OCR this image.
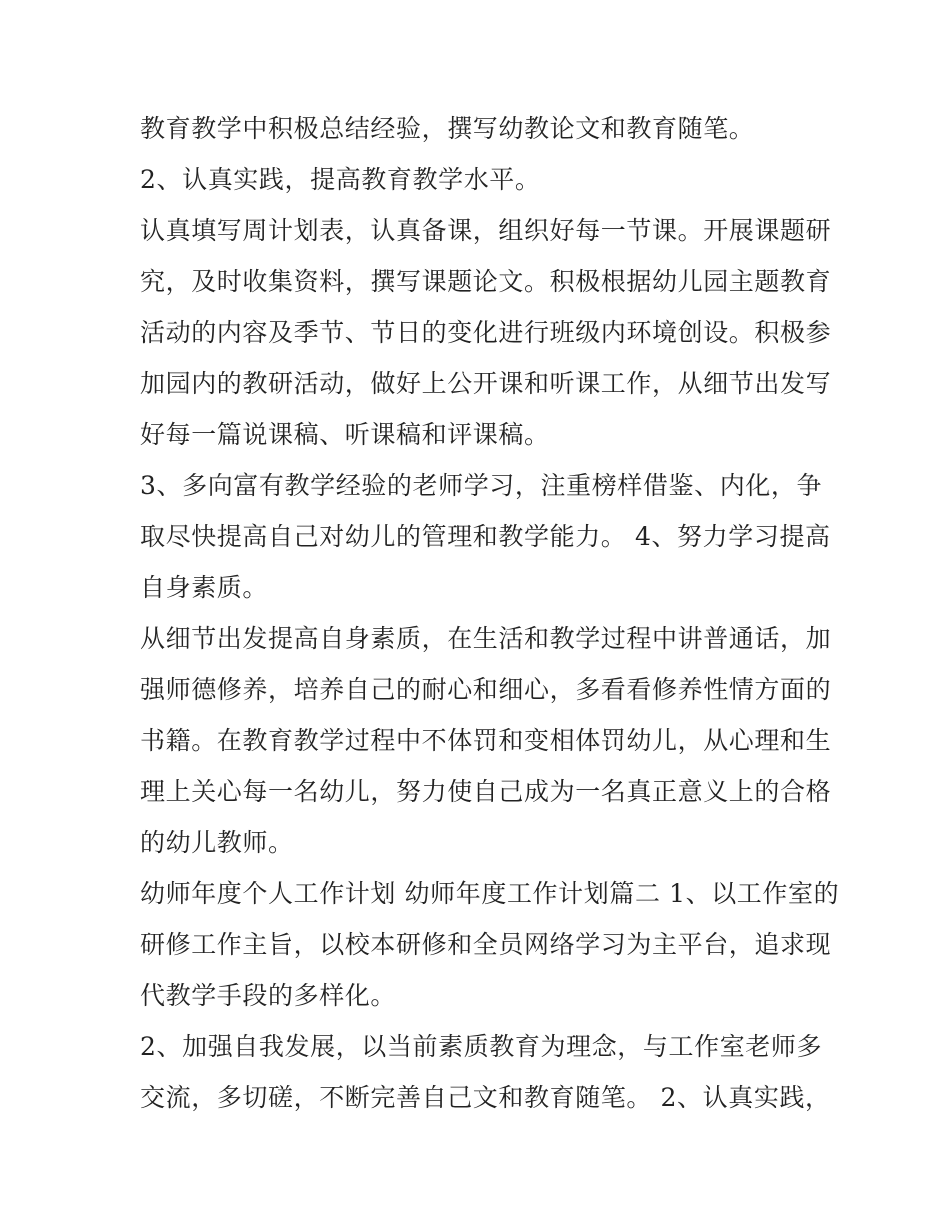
教育教学中积极总结经验，撰写幼教论文和教育随笔。
2、认真实践，提高教育教学水平。
认真填写周计划表，认真备课，组织好每一节课。开展课题研
究，及时收集资料，撰写课题论文。积极根据幼儿园主题教育
活动的内容及季节、节日的变化进行班级内环境创设。积极参
加园内的教研活动，做好上公开课和听课工作，从细节出发写
好每一篇说课稿、听课稿和评课稿。
3、多向富有教学经验的老师学习，注重榜样借鉴、内化，争
取尽快提高自己对幼儿的管理和教学能力。 4、努力学习提高
自身素质。
从细节出发提高自身素质，在生活和教学过程中讲普通话，加
强师德修养，培养自己的耐心和细心，多看看修养性情方面的
书籍。在教育教学过程中不体罚和变相体罚幼儿，从心理和生
理上关心每一名幼儿，努力使自己成为一名真正意义上的合格
的幼儿教师。
幼师年度个人工作计划 幼师年度工作计划篇二 1、以工作室的
研修工作主旨，以校本研修和全员网络学习为主平台，追求现
代教学手段的多样化。
2、加强自我发展，以当前素质教育为理念，与工作室老师多
交流，多切磋，不断完善自己文和教育随笔。 2、认真实践，
